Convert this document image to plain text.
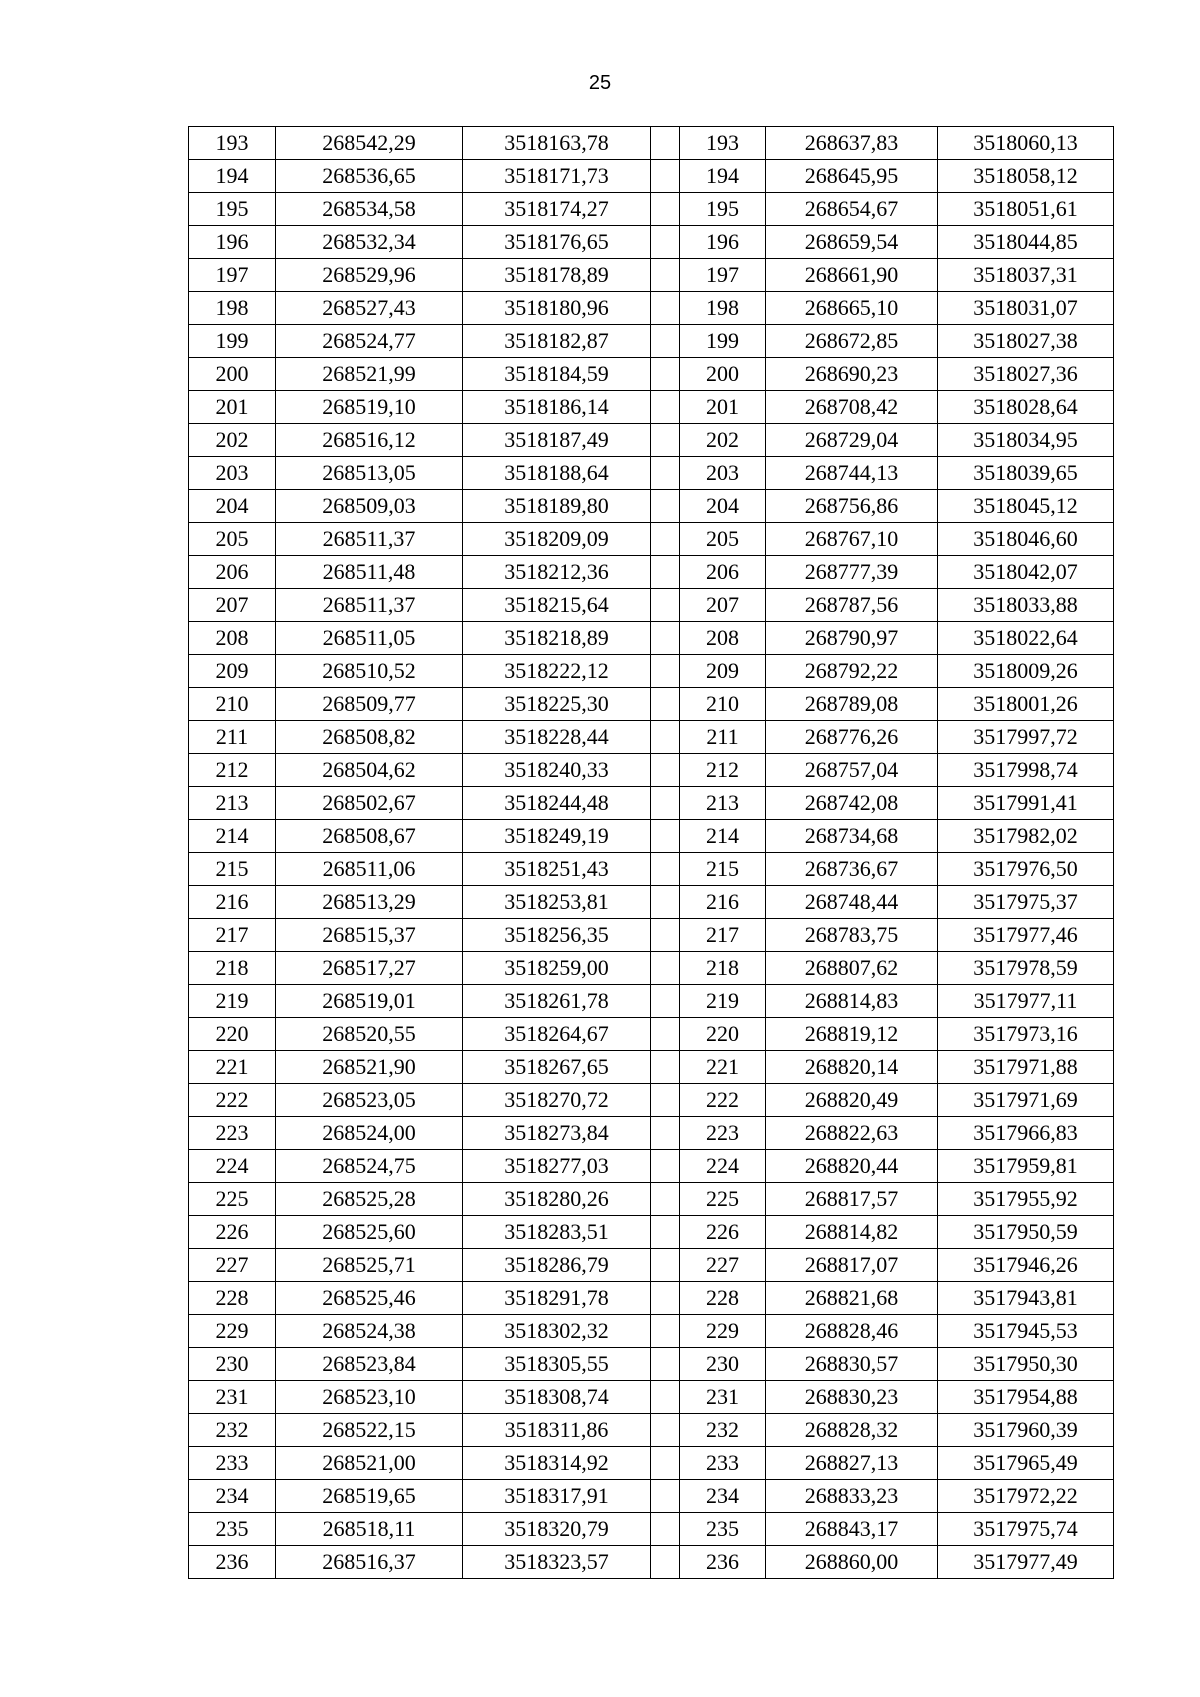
25
193	268542,29	3518163,78		193	268637,83	3518060,13
194	268536,65	3518171,73		194	268645,95	3518058,12
195	268534,58	3518174,27		195	268654,67	3518051,61
196	268532,34	3518176,65		196	268659,54	3518044,85
197	268529,96	3518178,89		197	268661,90	3518037,31
198	268527,43	3518180,96		198	268665,10	3518031,07
199	268524,77	3518182,87		199	268672,85	3518027,38
200	268521,99	3518184,59		200	268690,23	3518027,36
201	268519,10	3518186,14		201	268708,42	3518028,64
202	268516,12	3518187,49		202	268729,04	3518034,95
203	268513,05	3518188,64		203	268744,13	3518039,65
204	268509,03	3518189,80		204	268756,86	3518045,12
205	268511,37	3518209,09		205	268767,10	3518046,60
206	268511,48	3518212,36		206	268777,39	3518042,07
207	268511,37	3518215,64		207	268787,56	3518033,88
208	268511,05	3518218,89		208	268790,97	3518022,64
209	268510,52	3518222,12		209	268792,22	3518009,26
210	268509,77	3518225,30		210	268789,08	3518001,26
211	268508,82	3518228,44		211	268776,26	3517997,72
212	268504,62	3518240,33		212	268757,04	3517998,74
213	268502,67	3518244,48		213	268742,08	3517991,41
214	268508,67	3518249,19		214	268734,68	3517982,02
215	268511,06	3518251,43		215	268736,67	3517976,50
216	268513,29	3518253,81		216	268748,44	3517975,37
217	268515,37	3518256,35		217	268783,75	3517977,46
218	268517,27	3518259,00		218	268807,62	3517978,59
219	268519,01	3518261,78		219	268814,83	3517977,11
220	268520,55	3518264,67		220	268819,12	3517973,16
221	268521,90	3518267,65		221	268820,14	3517971,88
222	268523,05	3518270,72		222	268820,49	3517971,69
223	268524,00	3518273,84		223	268822,63	3517966,83
224	268524,75	3518277,03		224	268820,44	3517959,81
225	268525,28	3518280,26		225	268817,57	3517955,92
226	268525,60	3518283,51		226	268814,82	3517950,59
227	268525,71	3518286,79		227	268817,07	3517946,26
228	268525,46	3518291,78		228	268821,68	3517943,81
229	268524,38	3518302,32		229	268828,46	3517945,53
230	268523,84	3518305,55		230	268830,57	3517950,30
231	268523,10	3518308,74		231	268830,23	3517954,88
232	268522,15	3518311,86		232	268828,32	3517960,39
233	268521,00	3518314,92		233	268827,13	3517965,49
234	268519,65	3518317,91		234	268833,23	3517972,22
235	268518,11	3518320,79		235	268843,17	3517975,74
236	268516,37	3518323,57		236	268860,00	3517977,49
